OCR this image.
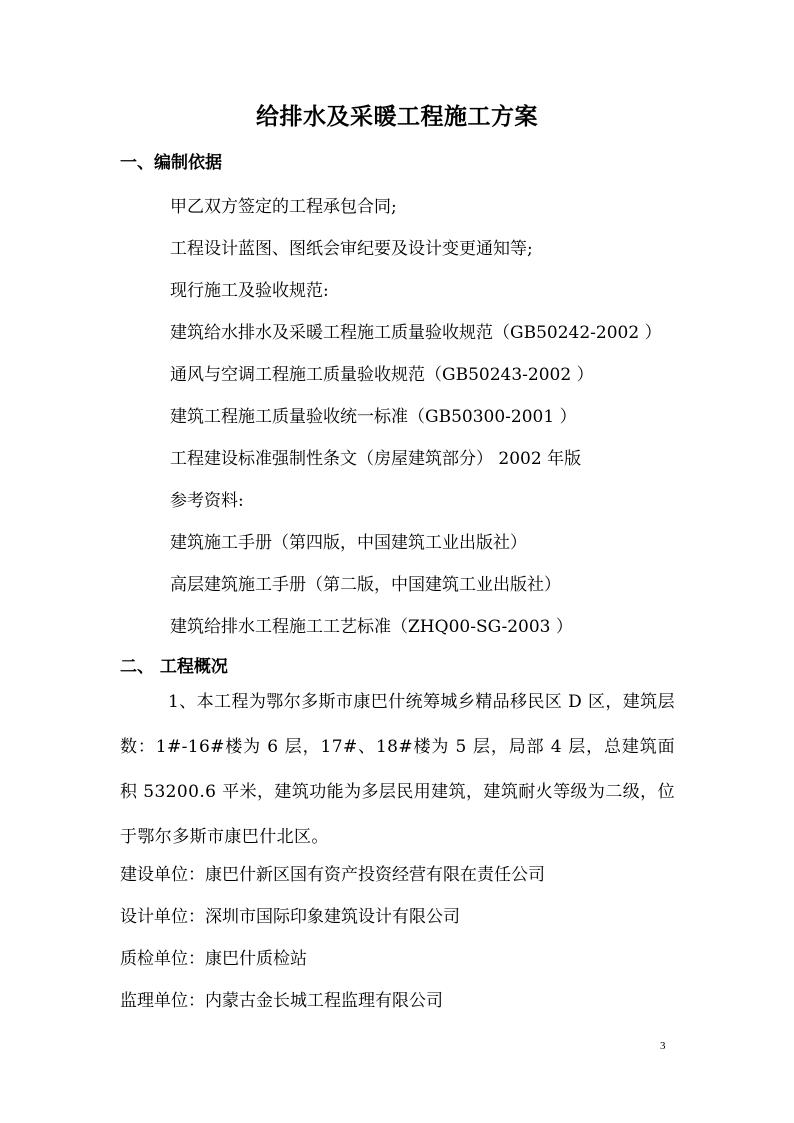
给排水及采暖工程施工方案
一、编制依据
甲乙双方签定的工程承包合同;
工程设计蓝图、图纸会审纪要及设计变更通知等;
现行施工及验收规范:
建筑给水排水及采暖工程施工质量验收规范（GB50242-2002 ）
通风与空调工程施工质量验收规范（GB50243-2002 ）
建筑工程施工质量验收统一标准（GB50300-2001 ）
工程建设标准强制性条文（房屋建筑部分） 2002 年版
参考资料:
建筑施工手册（第四版，中国建筑工业出版社）
高层建筑施工手册（第二版，中国建筑工业出版社）
建筑给排水工程施工工艺标准（ZHQ00-SG-2003 ）
二、 工程概况
1、本工程为鄂尔多斯市康巴什统筹城乡精品移民区 D 区，建筑层数：1#-16#楼为 6 层，17#、18#楼为 5 层，局部 4 层，总建筑面积 53200.6 平米，建筑功能为多层民用建筑，建筑耐火等级为二级，位于鄂尔多斯市康巴什北区。
建设单位：康巴什新区国有资产投资经营有限在责任公司
设计单位：深圳市国际印象建筑设计有限公司
质检单位：康巴什质检站
监理单位：内蒙古金长城工程监理有限公司
3
